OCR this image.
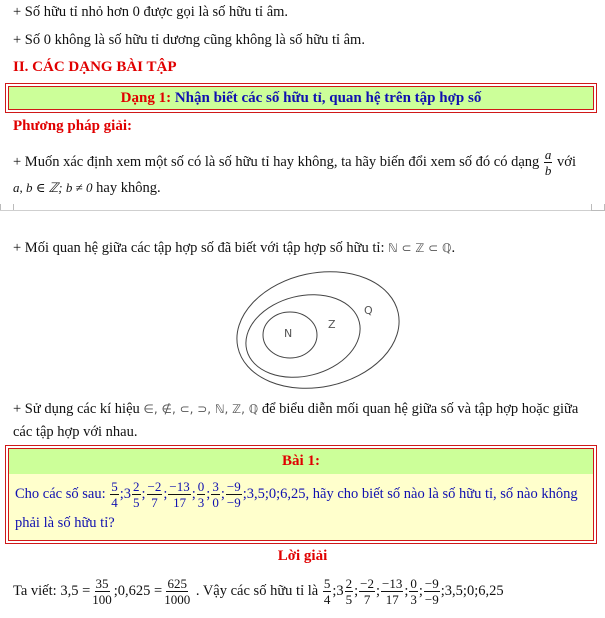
+ Số hữu tỉ nhỏ hơn 0 được gọi là số hữu tỉ âm.
+ Số 0 không là số hữu tỉ dương cũng không là số hữu tỉ âm.
II. CÁC DẠNG BÀI TẬP
Dạng 1: Nhận biết các số hữu tỉ, quan hệ trên tập hợp số
Phương pháp giải:
+ Muốn xác định xem một số có là số hữu tỉ hay không, ta hãy biến đổi xem số đó có dạng $\frac{a}{b}$ với
a, b ∈ ℤ; b ≠ 0 hay không.
+ Mối quan hệ giữa các tập hợp số đã biết với tập hợp số hữu tỉ: ℕ ⊂ ℤ ⊂ ℚ.
N
Z
Q
+ Sử dụng các kí hiệu ∈, ∉, ⊂, ⊃, ℕ, ℤ, ℚ để biểu diễn mối quan hệ giữa số và tập hợp hoặc giữa
các tập hợp với nhau.
Bài 1:
Cho các số sau: $\frac{5}{4}$ ;3 $\frac{2}{5}$ ; $\frac{-2}{7}$ ; $\frac{-13}{17}$ ; $\frac{0}{3}$ ; $\frac{3}{0}$ ; $\frac{-9}{-9}$ ;3,5;0;6,25, hãy cho biết số nào là số hữu tỉ, số nào không
phải là số hữu tỉ?
Lời giải
Ta viết: $3,5 = \frac{35}{100}$ ;0,625 = $\frac{625}{1000}$ . Vậy các số hữu tỉ là $\frac{5}{4}$ ;3 $\frac{2}{5}$ ; $\frac{-2}{7}$ ; $\frac{-13}{17}$ ; $\frac{0}{3}$ ; $\frac{-9}{-9}$ ;3,5;0;6,25
